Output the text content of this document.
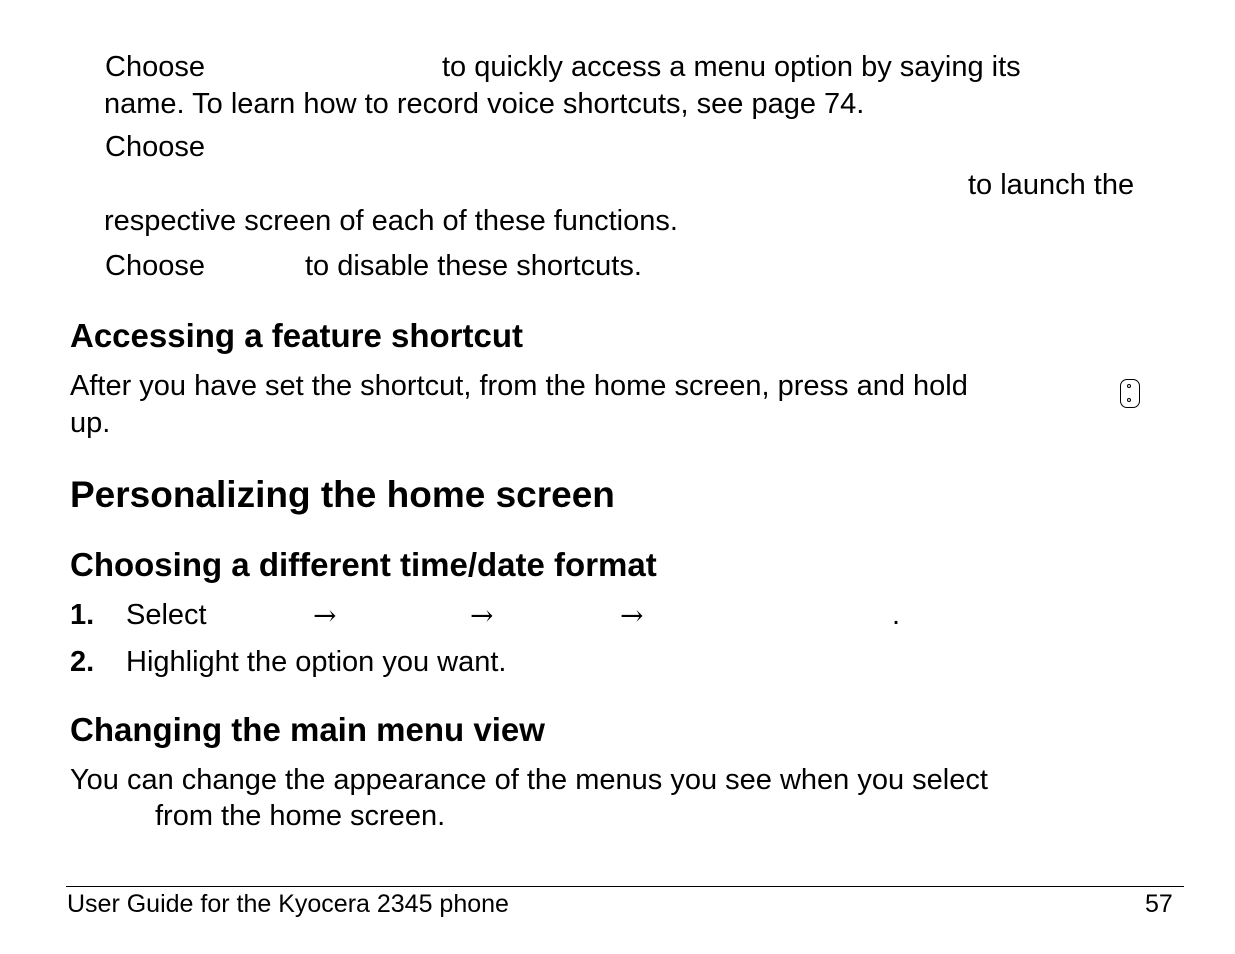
Choose	to quickly access a menu option by saying its
name. To learn how to record voice shortcuts, see page 74.
Choose
to launch the
respective screen of each of these functions.
Choose	to disable these shortcuts.
Accessing a feature shortcut
After you have set the shortcut, from the home screen, press and hold
up.
Personalizing the home screen
Choosing a different time/date format
1. Select	→	→	→	.
2. Highlight the option you want.
Changing the main menu view
You can change the appearance of the menus you see when you select
from the home screen.
User Guide for the Kyocera 2345 phone	57
